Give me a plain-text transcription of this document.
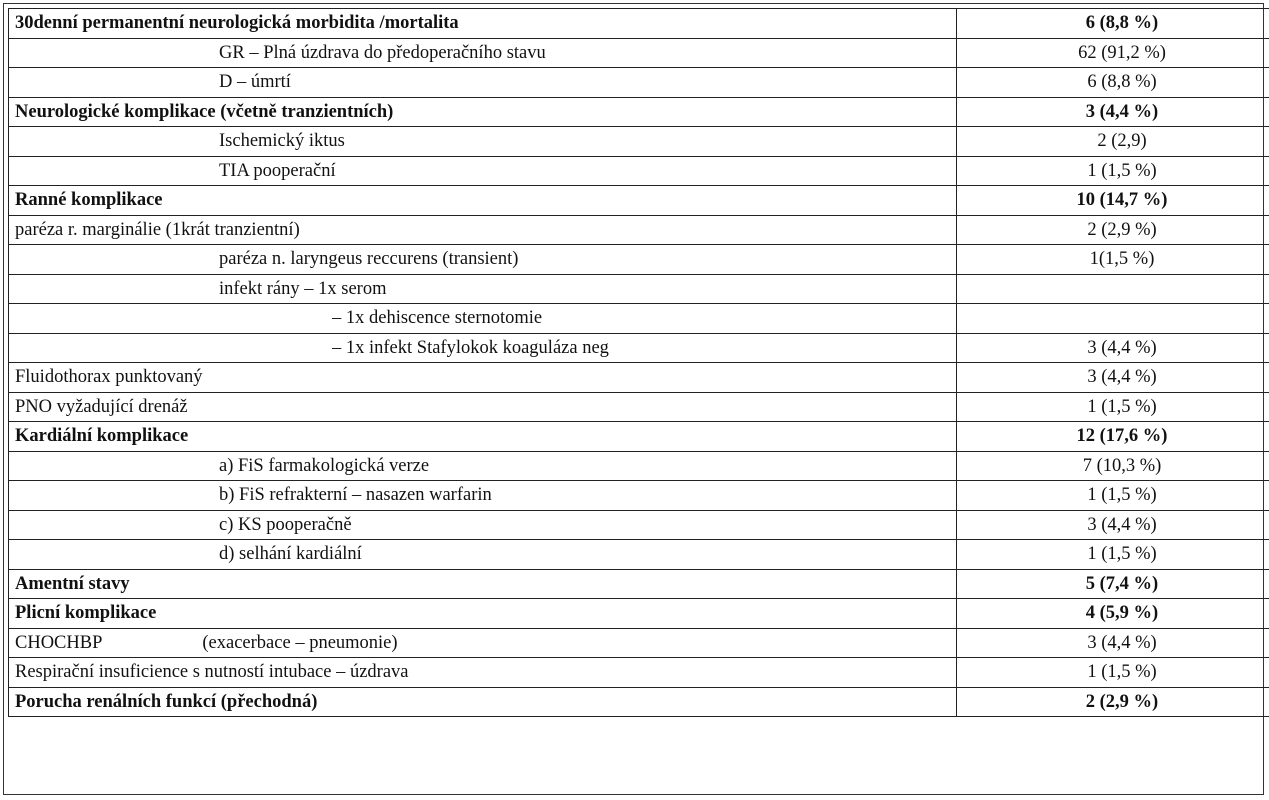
30denní permanentní neurologická morbidita /mortalita	6 (8,8 %)
GR – Plná úzdrava do předoperačního stavu	62 (91,2 %)
D – úmrtí	6 (8,8 %)
Neurologické komplikace (včetně tranzientních)	3 (4,4 %)
Ischemický iktus	2 (2,9)
TIA pooperační	1 (1,5 %)
Ranné komplikace	10 (14,7 %)
paréza r. marginálie (1krát tranzientní)	2 (2,9 %)
paréza n. laryngeus reccurens (transient)	1(1,5 %)
infekt rány – 1x serom	
– 1x dehiscence sternotomie	
– 1x infekt Stafylokok koaguláza neg	3 (4,4 %)
Fluidothorax punktovaný	3 (4,4 %)
PNO vyžadující drenáž	1 (1,5 %)
Kardiální komplikace	12 (17,6 %)
a) FiS farmakologická verze	7 (10,3 %)
b) FiS refrakterní – nasazen warfarin	1 (1,5 %)
c) KS pooperačně	3 (4,4 %)
d) selhání kardiální	1 (1,5 %)
Amentní stavy	5 (7,4 %)
Plicní komplikace	4 (5,9 %)
CHOCHBP (exacerbace – pneumonie)	3 (4,4 %)
Respirační insuficience s nutností intubace – úzdrava	1 (1,5 %)
Porucha renálních funkcí (přechodná)	2 (2,9 %)
